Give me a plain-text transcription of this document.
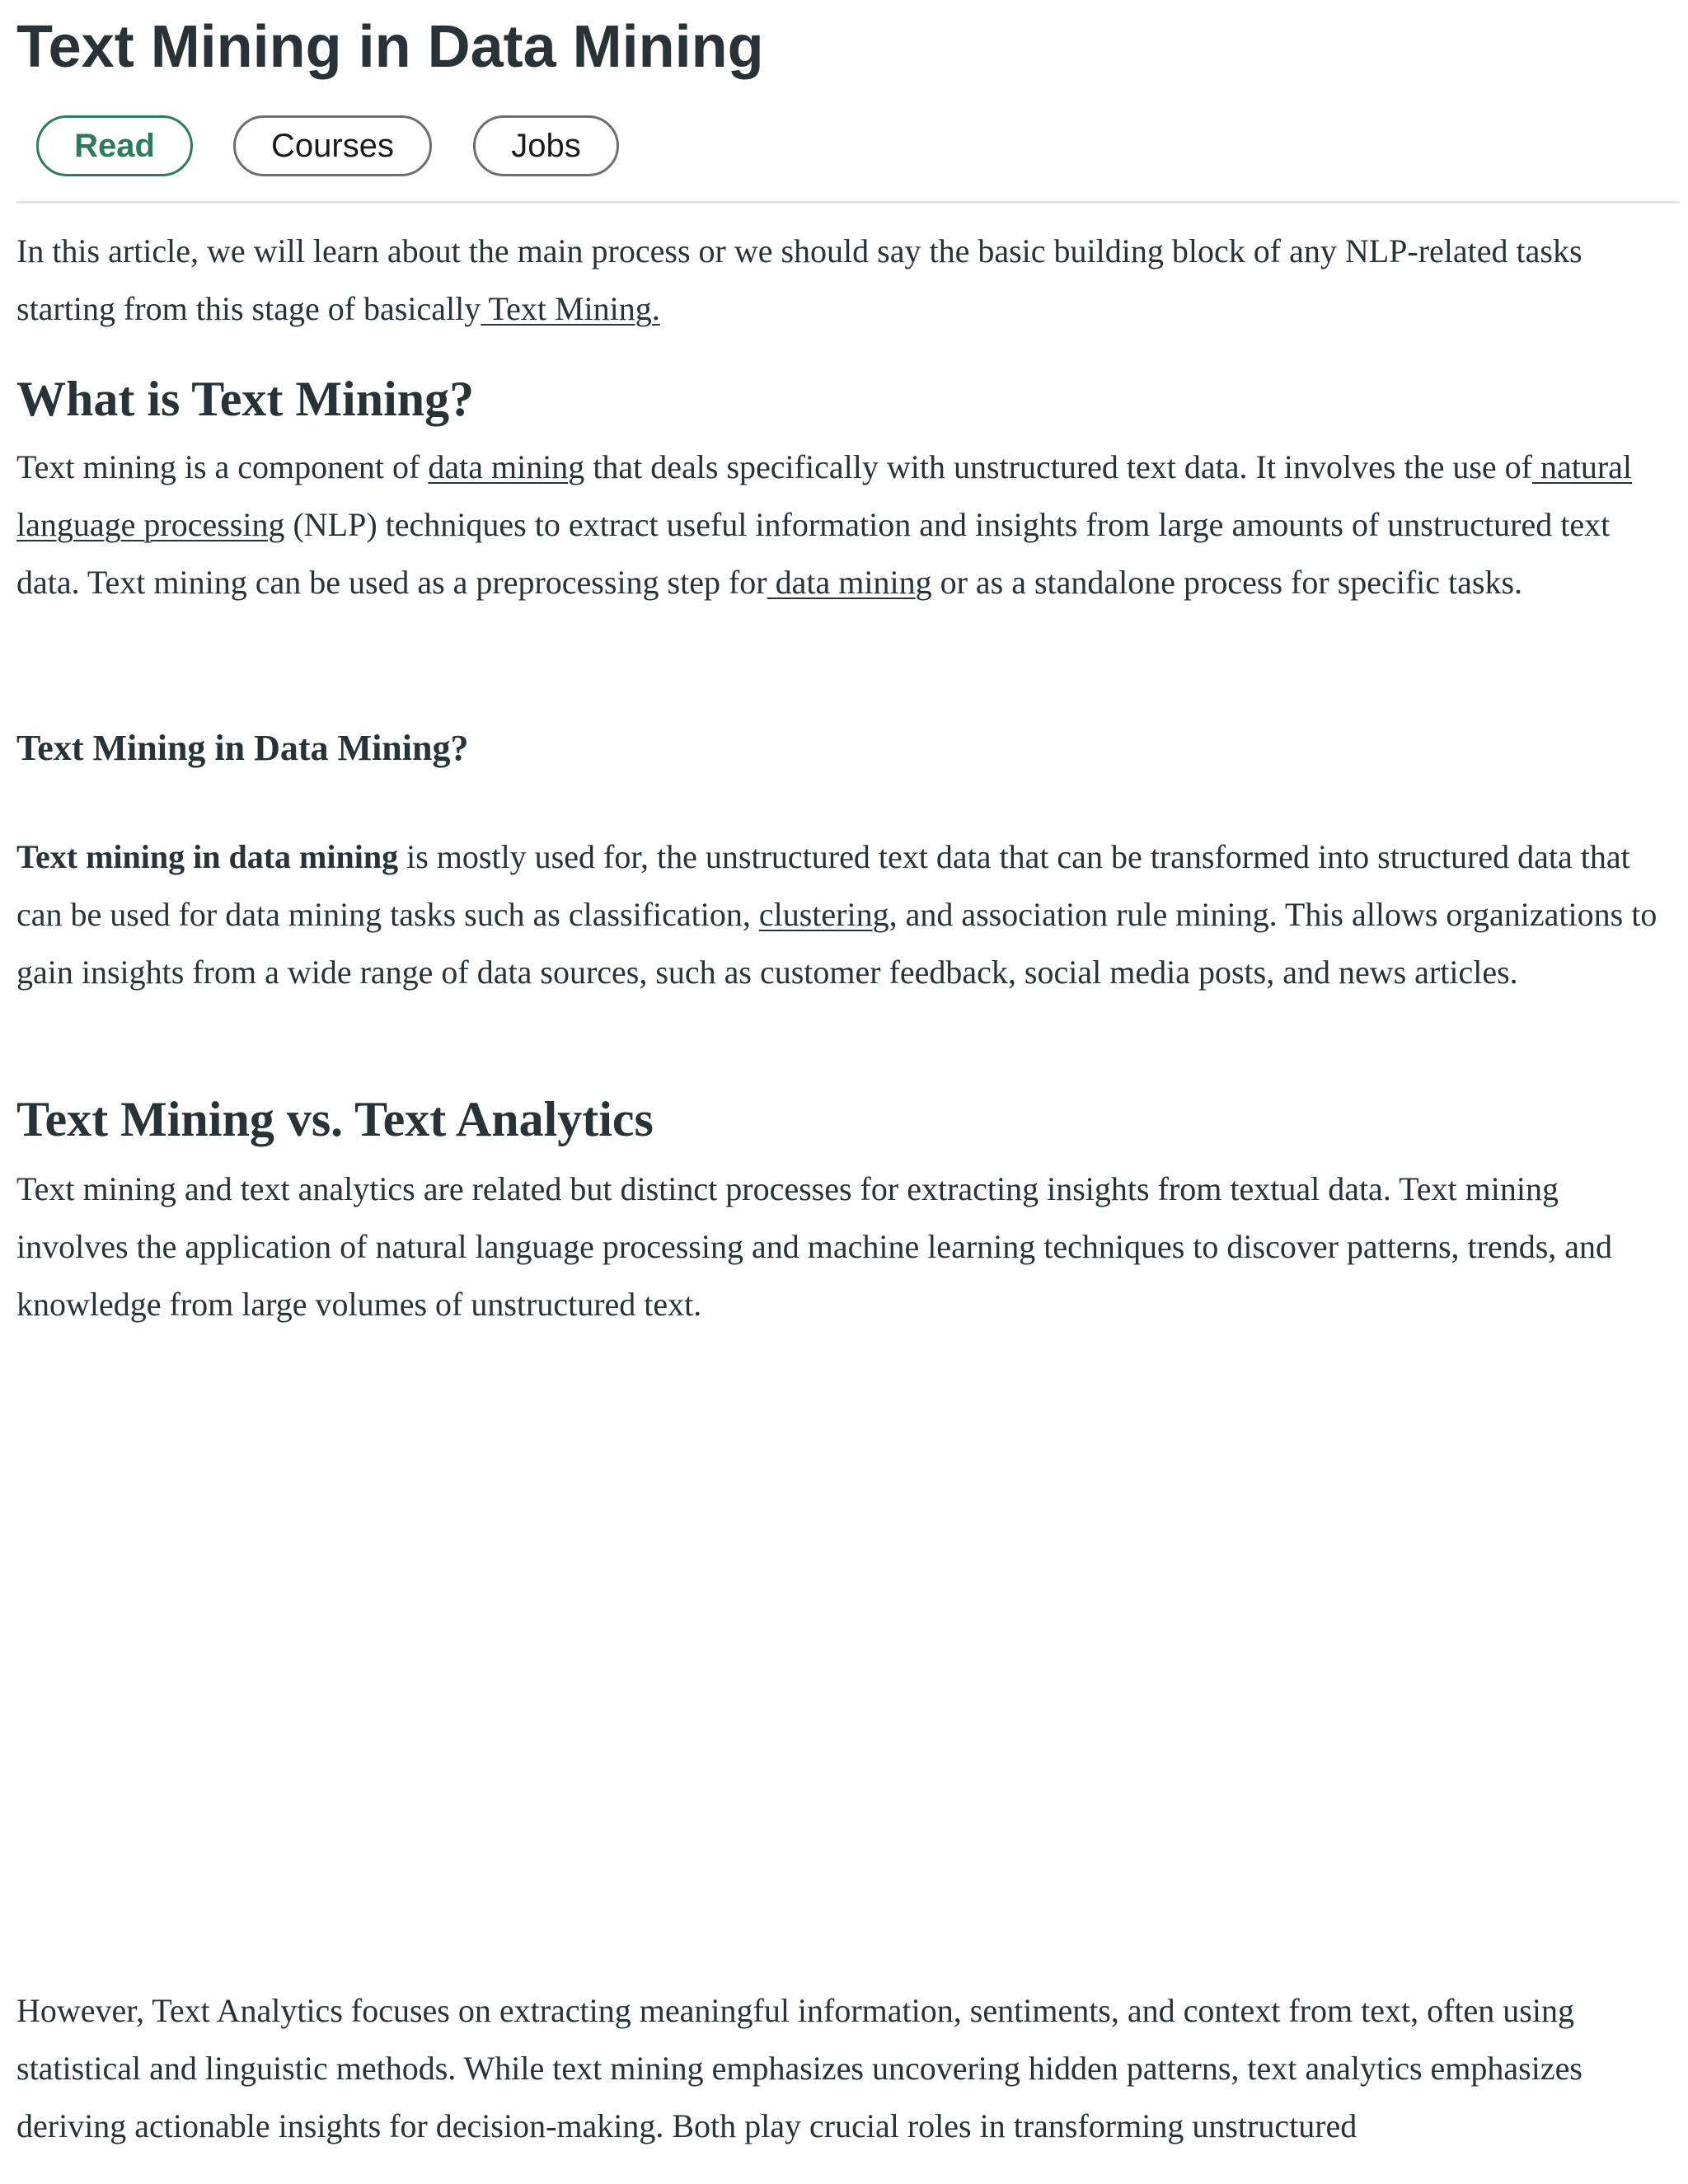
Text Mining in Data Mining
Read	Courses	Jobs

In this article, we will learn about the main process or we should say the basic building block of any NLP-related tasks starting from this stage of basically Text Mining.

What is Text Mining?

Text mining is a component of data mining that deals specifically with unstructured text data. It involves the use of natural language processing (NLP) techniques to extract useful information and insights from large amounts of unstructured text data. Text mining can be used as a preprocessing step for data mining or as a standalone process for specific tasks.

Text Mining in Data Mining?

Text mining in data mining is mostly used for, the unstructured text data that can be transformed into structured data that can be used for data mining tasks such as classification, clustering, and association rule mining. This allows organizations to gain insights from a wide range of data sources, such as customer feedback, social media posts, and news articles.

Text Mining vs. Text Analytics

Text mining and text analytics are related but distinct processes for extracting insights from textual data. Text mining involves the application of natural language processing and machine learning techniques to discover patterns, trends, and knowledge from large volumes of unstructured text.

However, Text Analytics focuses on extracting meaningful information, sentiments, and context from text, often using statistical and linguistic methods. While text mining emphasizes uncovering hidden patterns, text analytics emphasizes deriving actionable insights for decision-making. Both play crucial roles in transforming unstructured
